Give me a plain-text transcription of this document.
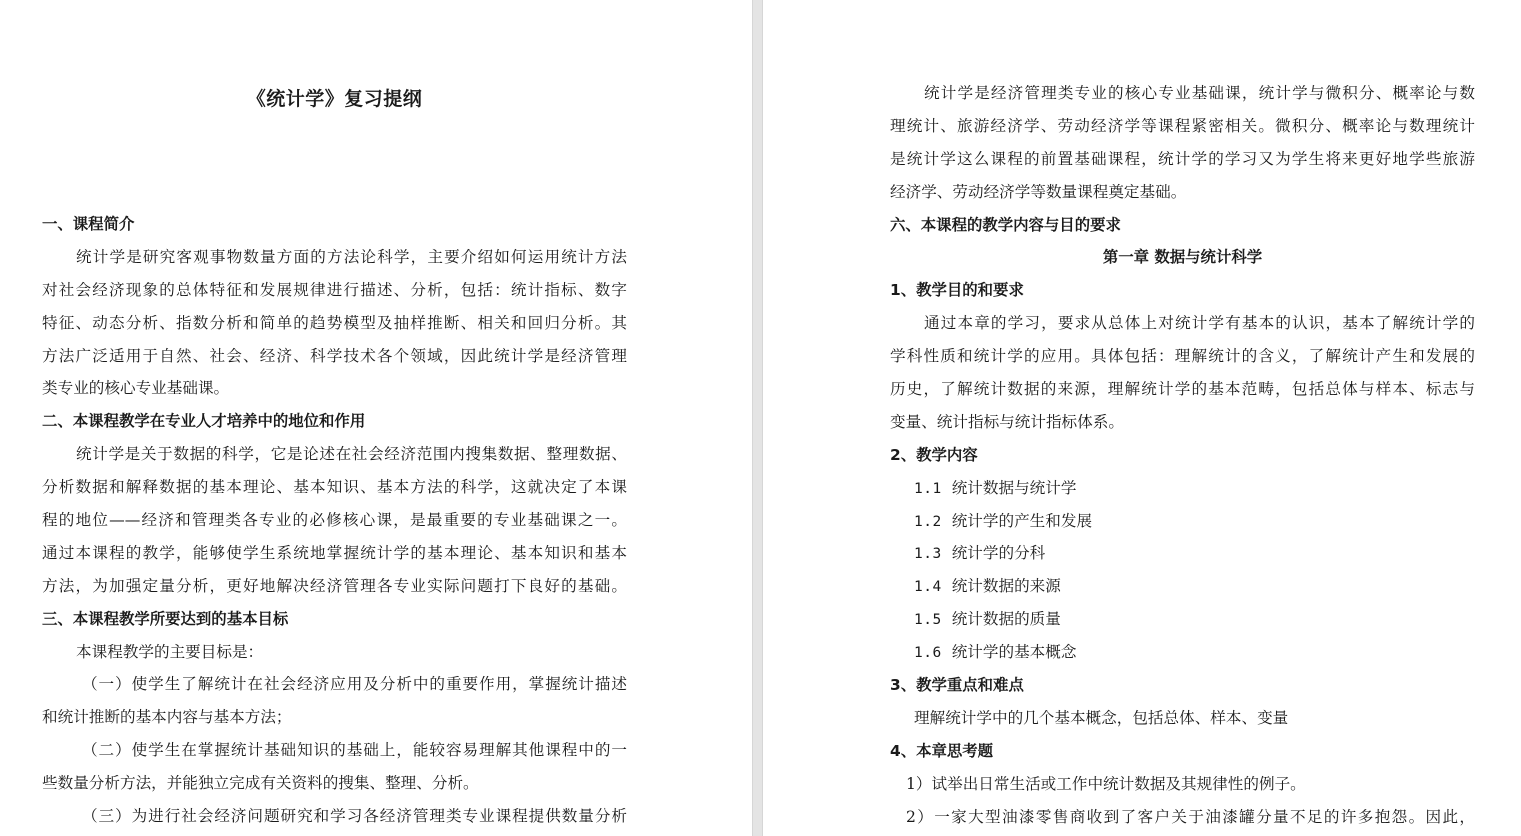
《统计学》复习提纲
一、课程简介
统计学是研究客观事物数量方面的方法论科学，主要介绍如何运用统计方法
对社会经济现象的总体特征和发展规律进行描述、分析，包括：统计指标、数字
特征、动态分析、指数分析和简单的趋势模型及抽样推断、相关和回归分析。其
方法广泛适用于自然、社会、经济、科学技术各个领域，因此统计学是经济管理
类专业的核心专业基础课。
二、本课程教学在专业人才培养中的地位和作用
统计学是关于数据的科学，它是论述在社会经济范围内搜集数据、整理数据、
分析数据和解释数据的基本理论、基本知识、基本方法的科学，这就决定了本课
程的地位——经济和管理类各专业的必修核心课，是最重要的专业基础课之一。
通过本课程的教学，能够使学生系统地掌握统计学的基本理论、基本知识和基本
方法，为加强定量分析，更好地解决经济管理各专业实际问题打下良好的基础。
三、本课程教学所要达到的基本目标
本课程教学的主要目标是：
（一）使学生了解统计在社会经济应用及分析中的重要作用，掌握统计描述
和统计推断的基本内容与基本方法；
（二）使学生在掌握统计基础知识的基础上，能较容易理解其他课程中的一
些数量分析方法，并能独立完成有关资料的搜集、整理、分析。
（三）为进行社会经济问题研究和学习各经济管理类专业课程提供数量分析
统计学是经济管理类专业的核心专业基础课，统计学与微积分、概率论与数
理统计、旅游经济学、劳动经济学等课程紧密相关。微积分、概率论与数理统计
是统计学这么课程的前置基础课程，统计学的学习又为学生将来更好地学些旅游
经济学、劳动经济学等数量课程奠定基础。
六、本课程的教学内容与目的要求
第一章 数据与统计科学
1、教学目的和要求
通过本章的学习，要求从总体上对统计学有基本的认识，基本了解统计学的
学科性质和统计学的应用。具体包括：理解统计的含义，了解统计产生和发展的
历史，了解统计数据的来源，理解统计学的基本范畴，包括总体与样本、标志与
变量、统计指标与统计指标体系。
2、教学内容
1.1 统计数据与统计学
1.2 统计学的产生和发展
1.3 统计学的分科
1.4 统计数据的来源
1.5 统计数据的质量
1.6 统计学的基本概念
3、教学重点和难点
理解统计学中的几个基本概念，包括总体、样本、变量
4、本章思考题
1）试举出日常生活或工作中统计数据及其规律性的例子。
2）一家大型油漆零售商收到了客户关于油漆罐分量不足的许多抱怨。因此，
